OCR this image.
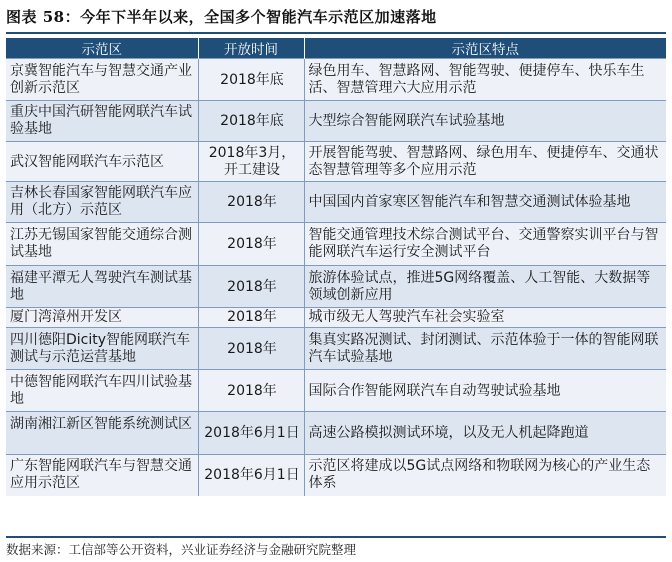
图表 58：今年下半年以来，全国多个智能汽车示范区加速落地
示范区	开放时间	示范区特点

京冀智能汽车与智慧交通产业创新示范区	2018年底	绿色用车、智慧路网、智能驾驶、便捷停车、快乐车生活、智慧管理六大应用示范

重庆中国汽研智能网联汽车试验基地	2018年底	大型综合智能网联汽车试验基地

武汉智能网联汽车示范区	2018年3月，开工建设	开展智能驾驶、智慧路网、绿色用车、便捷停车、交通状态智慧管理等多个应用示范

吉林长春国家智能网联汽车应用（北方）示范区	2018年	中国国内首家寒区智能汽车和智慧交通测试体验基地

江苏无锡国家智能交通综合测试基地	2018年	智能交通管理技术综合测试平台、交通警察实训平台与智能网联汽车运行安全测试平台

福建平潭无人驾驶汽车测试基地	2018年	旅游体验试点，推进5G网络覆盖、人工智能、大数据等领域创新应用

厦门湾漳州开发区	2018年	城市级无人驾驶汽车社会实验室

四川德阳Dicity智能网联汽车测试与示范运营基地	2018年	集真实路况测试、封闭测试、示范体验于一体的智能网联汽车试验基地

中德智能网联汽车四川试验基地	2018年	国际合作智能网联汽车自动驾驶试验基地

湖南湘江新区智能系统测试区	2018年6月1日	高速公路模拟测试环境，以及无人机起降跑道

广东智能网联汽车与智慧交通应用示范区	2018年6月1日	示范区将建成以5G试点网络和物联网为核心的产业生态体系
数据来源：工信部等公开资料，兴业证券经济与金融研究院整理
